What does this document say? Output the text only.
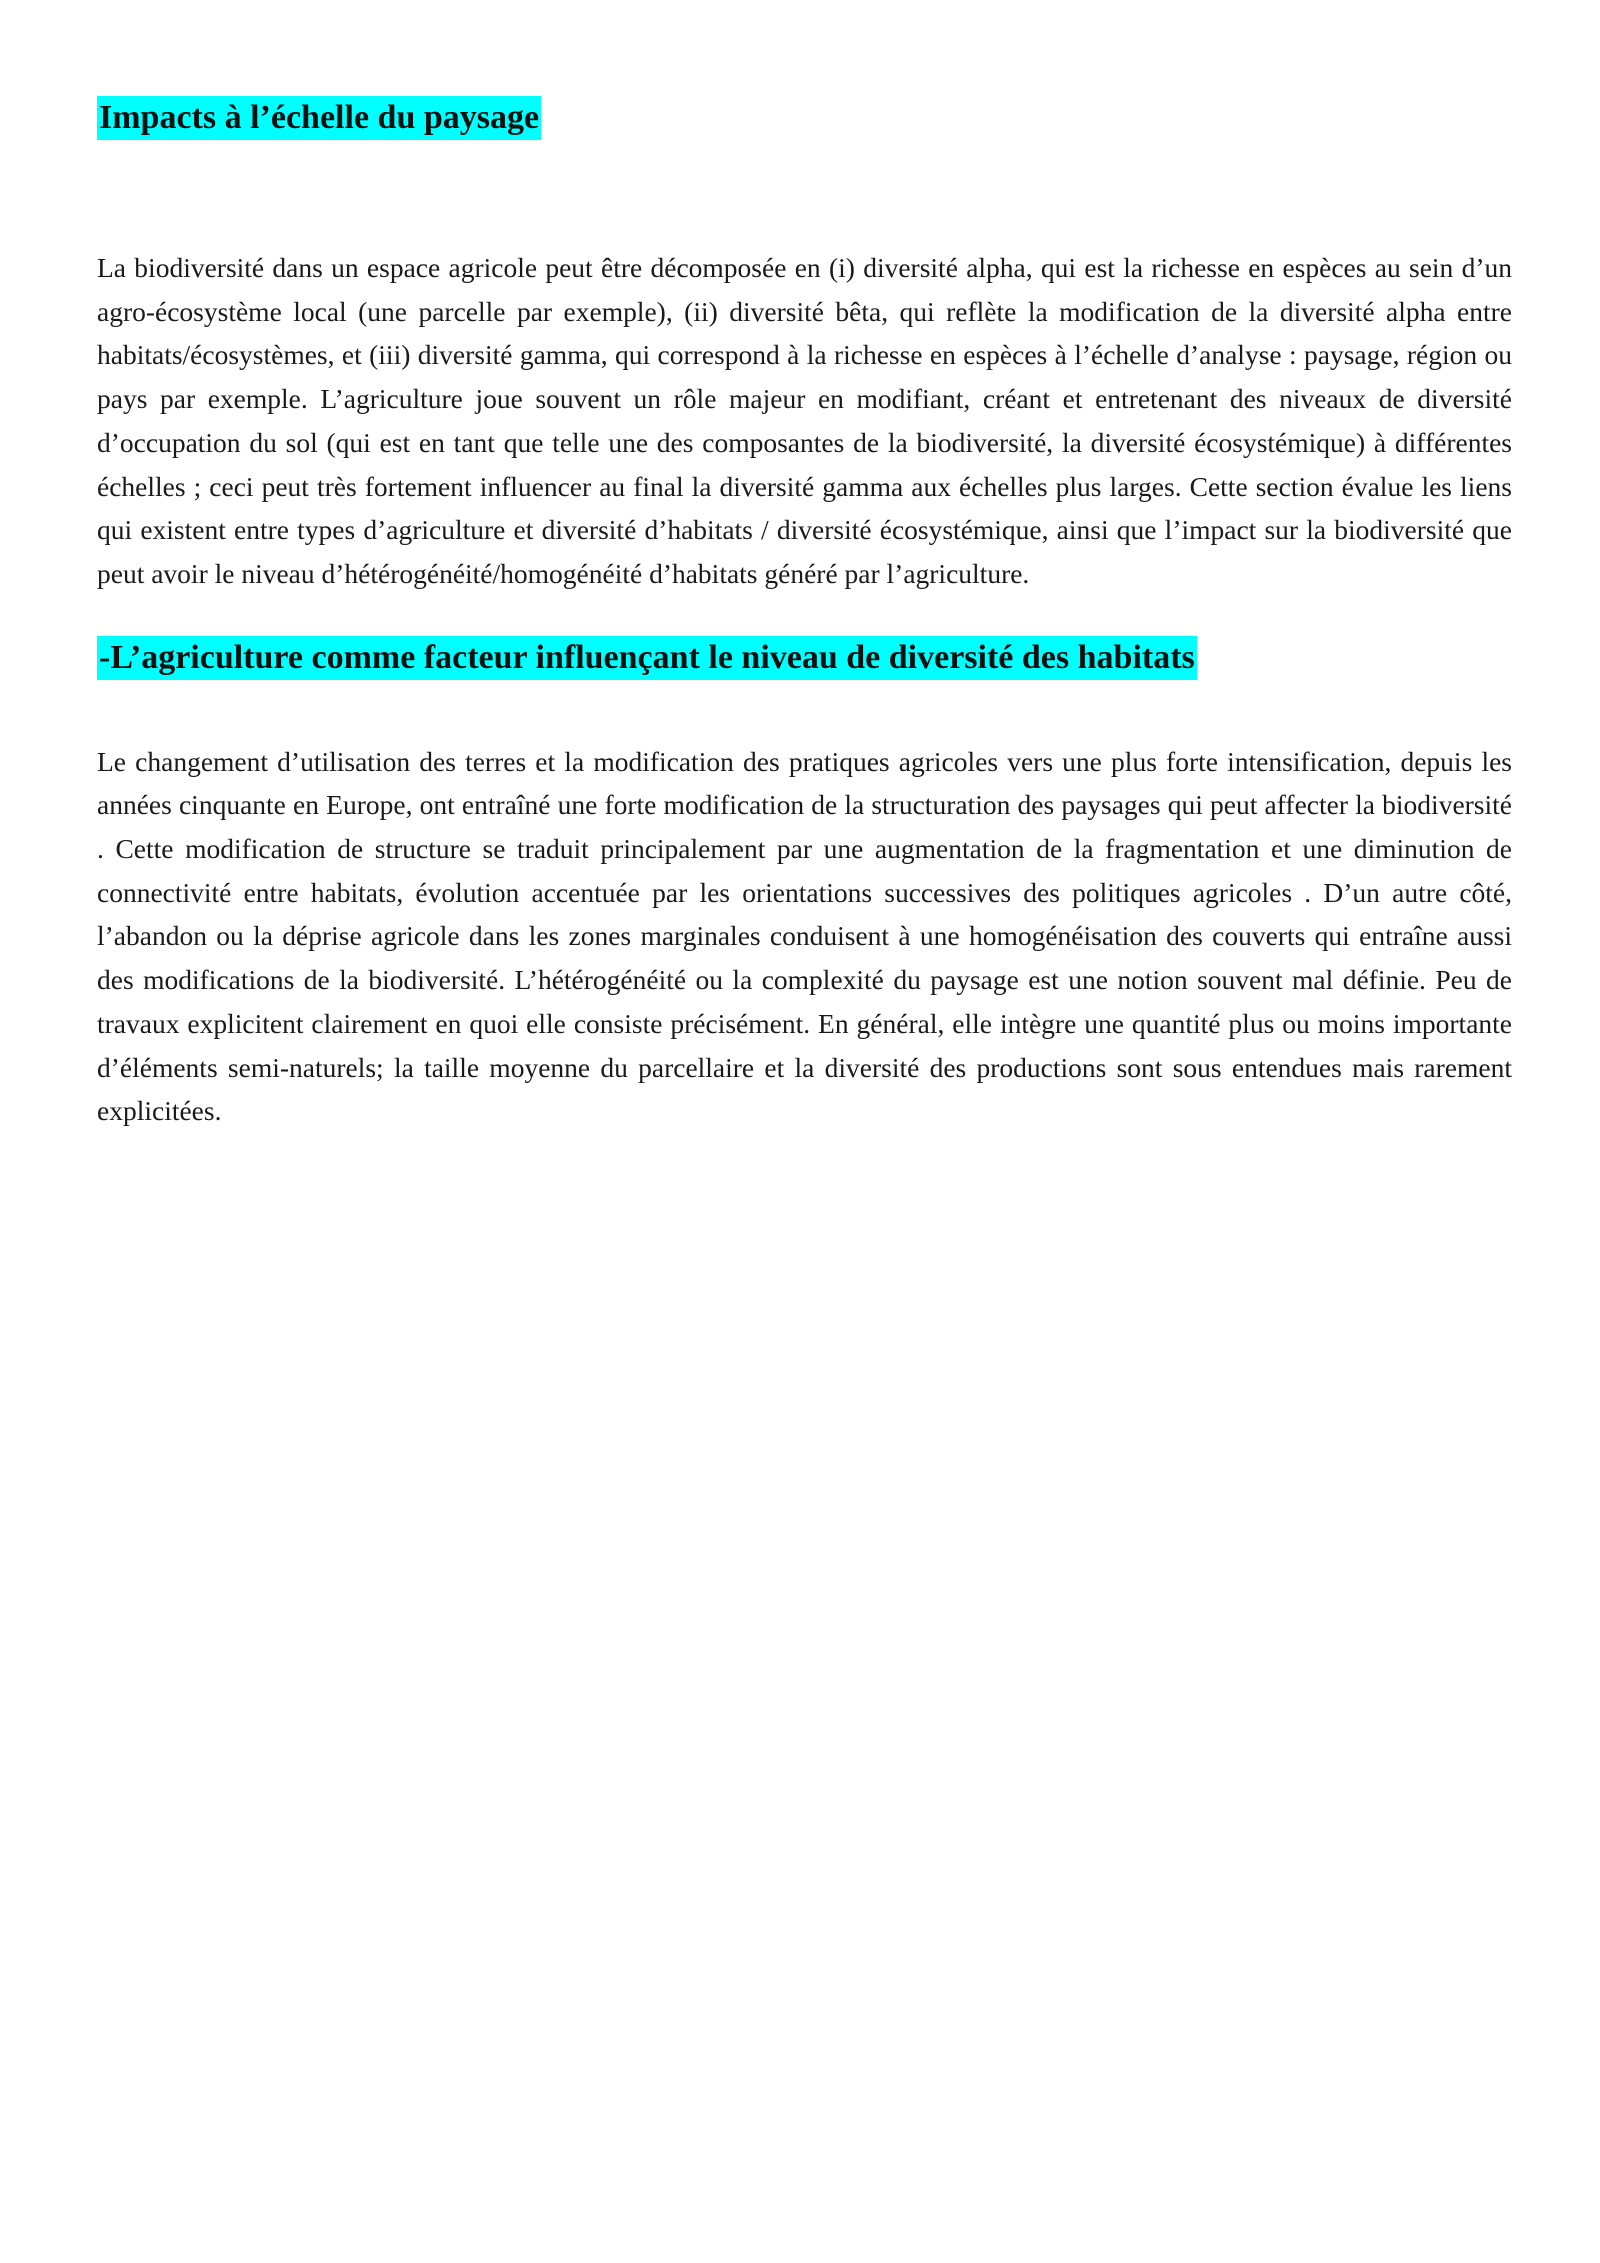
Impacts à l’échelle du paysage

La biodiversité dans un espace agricole peut être décomposée en (i) diversité alpha, qui est la richesse en espèces au sein d’un agro-écosystème local (une parcelle par exemple), (ii) diversité bêta, qui reflète la modification de la diversité alpha entre habitats/écosystèmes, et (iii) diversité gamma, qui correspond à la richesse en espèces à l’échelle d’analyse : paysage, région ou pays par exemple. L’agriculture joue souvent un rôle majeur en modifiant, créant et entretenant des niveaux de diversité d’occupation du sol (qui est en tant que telle une des composantes de la biodiversité, la diversité écosystémique) à différentes échelles ; ceci peut très fortement influencer au final la diversité gamma aux échelles plus larges. Cette section évalue les liens qui existent entre types d’agriculture et diversité d’habitats / diversité écosystémique, ainsi que l’impact sur la biodiversité que peut avoir le niveau d’hétérogénéité/homogénéité d’habitats généré par l’agriculture.

-L’agriculture comme facteur influençant le niveau de diversité des habitats

Le changement d’utilisation des terres et la modification des pratiques agricoles vers une plus forte intensification, depuis les années cinquante en Europe, ont entraîné une forte modification de la structuration des paysages qui peut affecter la biodiversité . Cette modification de structure se traduit principalement par une augmentation de la fragmentation et une diminution de connectivité entre habitats, évolution accentuée par les orientations successives des politiques agricoles . D’un autre côté, l’abandon ou la déprise agricole dans les zones marginales conduisent à une homogénéisation des couverts qui entraîne aussi des modifications de la biodiversité. L’hétérogénéité ou la complexité du paysage est une notion souvent mal définie. Peu de travaux explicitent clairement en quoi elle consiste précisément. En général, elle intègre une quantité plus ou moins importante d’éléments semi-naturels; la taille moyenne du parcellaire et la diversité des productions sont sous entendues mais rarement explicitées.
